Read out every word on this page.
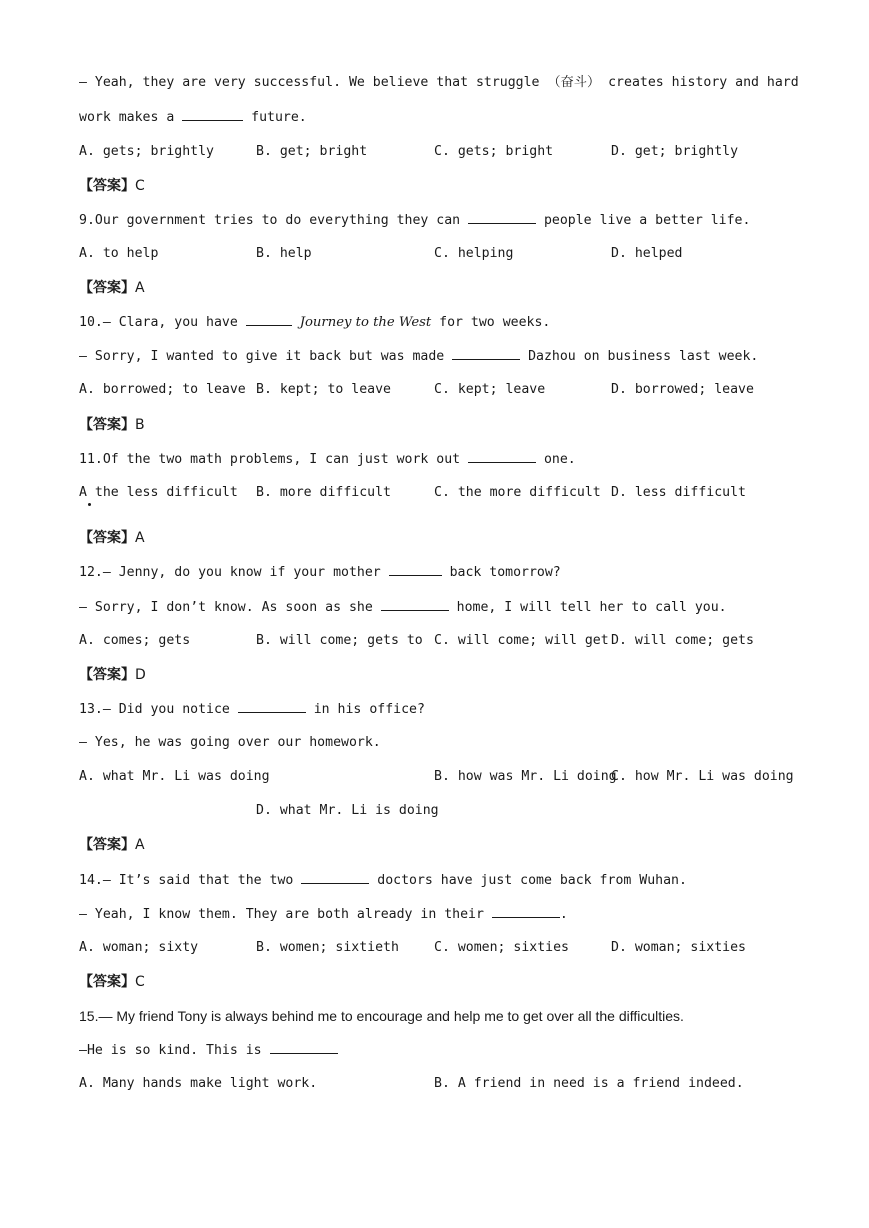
— Yeah, they are very successful. We believe that struggle （奋斗） creates history and hard
work makes a	future.
A. gets; brightly	B. get; bright	C. gets; bright	D. get; brightly
【答案】C
9.Our government tries to do everything they can	people live a better life.
A. to help	B. help	C. helping	D. helped
【答案】A
10.— Clara, you have	Journey to the West for two weeks.
— Sorry, I wanted to give it back but was made	Dazhou on business last week.
A. borrowed; to leave B. kept; to leave	C. kept; leave	D. borrowed; leave
【答案】B
11.Of the two math problems, I can just work out	one.
A the less difficult B. more difficult	C. the more difficult D. less difficult
【答案】A
12.— Jenny, do you know if your mother	back tomorrow?
— Sorry, I don’t know. As soon as she	home, I will tell her to call you.
A. comes; gets	B. will come; gets to C. will come; will get D. will come; gets
【答案】D
13.— Did you notice	in his office?
— Yes, he was going over our homework.
A. what Mr. Li was doing	B. how was Mr. Li doing
C. how Mr. Li was doing
D. what Mr. Li is doing
【答案】A
14.— It’s said that the two	doctors have just come back from Wuhan.
— Yeah, I know them. They are both already in their	.
A. woman; sixty	B. women; sixtieth	C. women; sixties	D. woman; sixties
【答案】C
15.— My friend Tony is always behind me to encourage and help me to get over all the difficulties.
—He is so kind. This is
A. Many hands make light work.	B. A friend in need is a friend indeed.
